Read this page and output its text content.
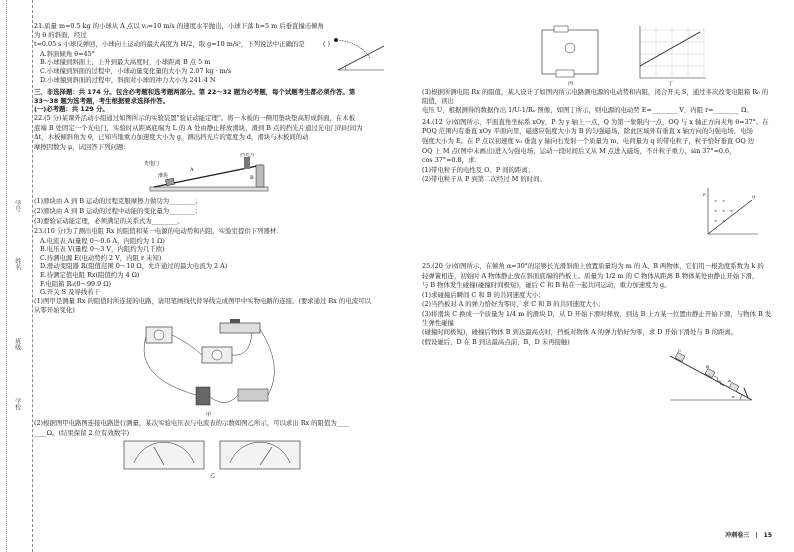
学号
姓名
班级
学校

21.质量 m=0.5 kg 的小球从 A 点以 v₀=10 m/s 的速度水平抛出，小球下落 h=5 m 后垂直撞击倾角为 θ 的斜面，经过

t=0.05 s 小球反弹回，小球向上运动的最大高度为 H/2，取 g=10 m/s²，下列说法中正确的是	( )

A.斜面倾角 θ=45°

B.小球撞到斜面上，上升到最大高度时，小球距离 B 点 5 m

C.小球撞到斜面的过程中，小球动量变化量的大小为 2.07 kg · m/s

D.小球撞到斜面的过程中，斜面对小球的冲力大小为 241.4 N

三、非选择题：共 174 分。包含必考题和选考题两部分。第 22～32 题为必考题，每个试题考生都必须作答。第

33～38 题为选考题，考生根据要求选择作答。

(一)必考题：共 129 分。

22.(5 分)某课外活动小组通过如图所示的实验装置"验证动能定理"。将一木板的一侧用垫块垫高形成斜面，在木板

底端 B 处固定一个光电门，实验时从距离底端为 L 的 A 处由静止释放滑块，滑到 B 点的挡光片通过光电门的时间为

Δt，木板倾斜角为 θ，已知当地重力加速度大小为 g，测出挡光片的宽度为 d，滑块与木板间的动

摩擦因数为 μ，试回答下列问题：

光电门
A
挡光片
B
滑块

(1)滑块由 A 到 B 运动的过程克服摩擦力做功为________；

(2)滑块由 A 到 B 运动的过程中动能的变化量为________；

(3)要验证动能定理，必须满足的关系式为________。

23.(10 分)为了测出电阻 Rx 的阻值和某一电源的电动势和内阻，实验室提供下列器材：

A.电流表 A(量程 0～0.6 A，内阻约为 1 Ω)

B.电压表 V(量程 0～3 V，内阻约为几千欧)

C.待测电源 E(电动势约 2 V，内阻 r 未知)

D.滑动变阻器 R(阻值范围 0～10 Ω，允许通过的最大电流为 2 A)

E.待测定值电阻 Rx(阻值约为 4 Ω)

F.电阻箱 R₀(0～99.9 Ω)

G.开关 S 及导线若干

(1)图甲是测量 Rx 的阻值时所连接的电路，请用笔画线代替导线完成图甲中实物电路的连接。(要求通过 Rx 的电流可以

从零开始变化)

甲

(2)根据图甲电路图连接电路进行测量，某次实验电压表与电流表的示数如图乙所示，可以求出 Rx 的阻值为____

____Ω。(结果保留 2 位有效数字)

乙
丙	丁

(3)根据所测电阻 Rx 的阻值，某人设计了如图丙所示电路测电源的电动势和内阻，闭合开关 S，通过多次改变电阻箱 R₀ 的阻值，读出

电压 U，根据测得的数据作出 1/U-1/R₀ 图像，如图丁所示，则电源的电动势 E=________ V，内阻 r=________ Ω。

24.(12 分)如图所示，平面直角坐标系 xOy，P 为 y 轴上一点，Q 为第一象限内一点，OQ 与 x 轴正方向夹角 θ=37°。在

POQ 范围内有垂直 xOy 平面向里，磁感应强度大小为 B 的匀强磁场，除此区域外有垂直 x 轴方向的匀强电场，电场

强度大小为 E。在 P 点以初速度 v₀ 垂直 y 轴向右发射一个质量为 m、电荷量为 q 的带电粒子，粒子恰好垂直 OQ 边

OQ 上 M 点(图中未画出)进入匀强电场，运动一段时间后又从 M 点进入磁场，不计粒子重力，sin 37°=0.6，

cos 37°=0.8，求：

(1)带电粒子的电性及 O、P 间的距离；

(2)带电粒子从 P 到第二次经过 M 的时间。

× ×
× × ×
× ×
P	Q

25.(20 分)如图所示，在倾角 α=30°的足够长光滑斜面上放置质量均为 m 的 A、B 两物体，它们用一根劲度系数为 k 的

轻弹簧相连，初始时 A 物体静止放在斜面底端的挡板上。质量为 1/2 m 的 C 物体从距离 B 物体某处由静止开始下滑，

与 B 物体发生碰撞(碰撞时间极短)，碰后 C 和 B 粘在一起共同运动，重力加速度为 g。

(1)求碰撞后瞬间 C 和 B 的共同速度大小；

(2)当挡板对 A 的弹力恰好为零时，求 C 和 B 的共同速度大小；

(3)将滑块 C 换成一个质量为 1/4 m 的滑块 D，从 D 开始下滑时释放，到达 B 上方某一位置由静止开始下滑，与物体 B 发生弹性碰撞

(碰撞时间极短)，碰撞后物体 B 到达最高点时，挡板对物体 A 的弹力恰好为零，求 D 开始下滑处与 B 的距离。

(假设碰后，D 在 B 到达最高点前，B、D 未再接触)

C
B
A
α
冲刺卷三 | 15
